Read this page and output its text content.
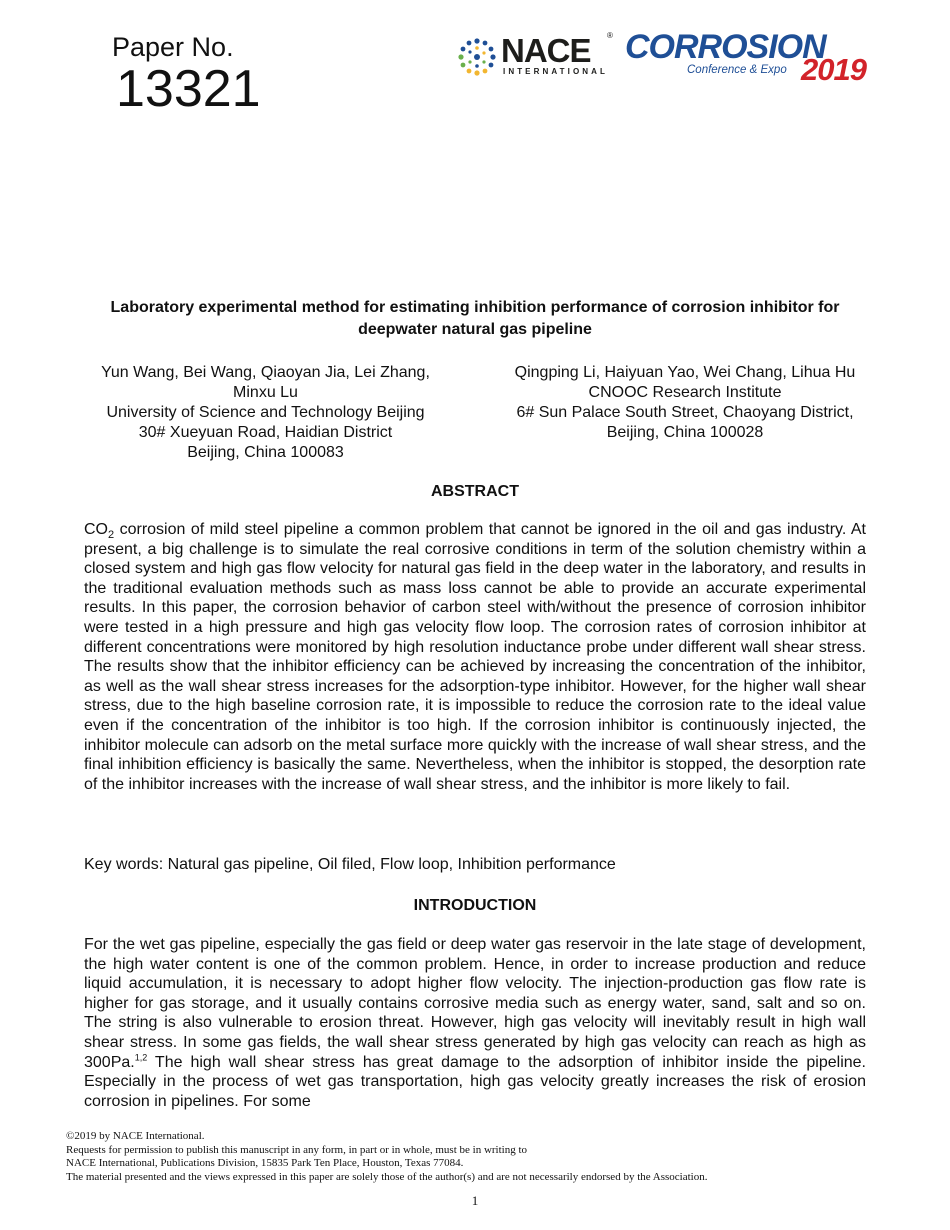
Paper No.
13321
NACE ®
INTERNATIONAL
CORROSION
Conference & Expo 2019
Laboratory experimental method for estimating inhibition performance of corrosion inhibitor for deepwater natural gas pipeline
Yun Wang, Bei Wang, Qiaoyan Jia, Lei Zhang, Minxu Lu
University of Science and Technology Beijing
30# Xueyuan Road, Haidian District
Beijing, China 100083
Qingping Li, Haiyuan Yao, Wei Chang, Lihua Hu
CNOOC Research Institute
6# Sun Palace South Street, Chaoyang District,
Beijing, China 100028
ABSTRACT
$CO_2$ corrosion of mild steel pipeline a common problem that cannot be ignored in the oil and gas industry. At present, a big challenge is to simulate the real corrosive conditions in term of the solution chemistry within a closed system and high gas flow velocity for natural gas field in the deep water in the laboratory, and results in the traditional evaluation methods such as mass loss cannot be able to provide an accurate experimental results. In this paper, the corrosion behavior of carbon steel with/without the presence of corrosion inhibitor were tested in a high pressure and high gas velocity flow loop. The corrosion rates of corrosion inhibitor at different concentrations were monitored by high resolution inductance probe under different wall shear stress. The results show that the inhibitor efficiency can be achieved by increasing the concentration of the inhibitor, as well as the wall shear stress increases for the adsorption-type inhibitor. However, for the higher wall shear stress, due to the high baseline corrosion rate, it is impossible to reduce the corrosion rate to the ideal value even if the concentration of the inhibitor is too high. If the corrosion inhibitor is continuously injected, the inhibitor molecule can adsorb on the metal surface more quickly with the increase of wall shear stress, and the final inhibition efficiency is basically the same. Nevertheless, when the inhibitor is stopped, the desorption rate of the inhibitor increases with the increase of wall shear stress, and the inhibitor is more likely to fail.
Key words: Natural gas pipeline, Oil filed, Flow loop, Inhibition performance
INTRODUCTION
For the wet gas pipeline, especially the gas field or deep water gas reservoir in the late stage of development, the high water content is one of the common problem. Hence, in order to increase production and reduce liquid accumulation, it is necessary to adopt higher flow velocity. The injection-production gas flow rate is higher for gas storage, and it usually contains corrosive media such as energy water, sand, salt and so on. The string is also vulnerable to erosion threat. However, high gas velocity will inevitably result in high wall shear stress. In some gas fields, the wall shear stress generated by high gas velocity can reach as high as 300Pa.$^{1,2}$ The high wall shear stress has great damage to the adsorption of inhibitor inside the pipeline. Especially in the process of wet gas transportation, high gas velocity greatly increases the risk of erosion corrosion in pipelines. For some
©2019 by NACE International.
Requests for permission to publish this manuscript in any form, in part or in whole, must be in writing to
NACE International, Publications Division, 15835 Park Ten Place, Houston, Texas 77084.
The material presented and the views expressed in this paper are solely those of the author(s) and are not necessarily endorsed by the Association.
1
